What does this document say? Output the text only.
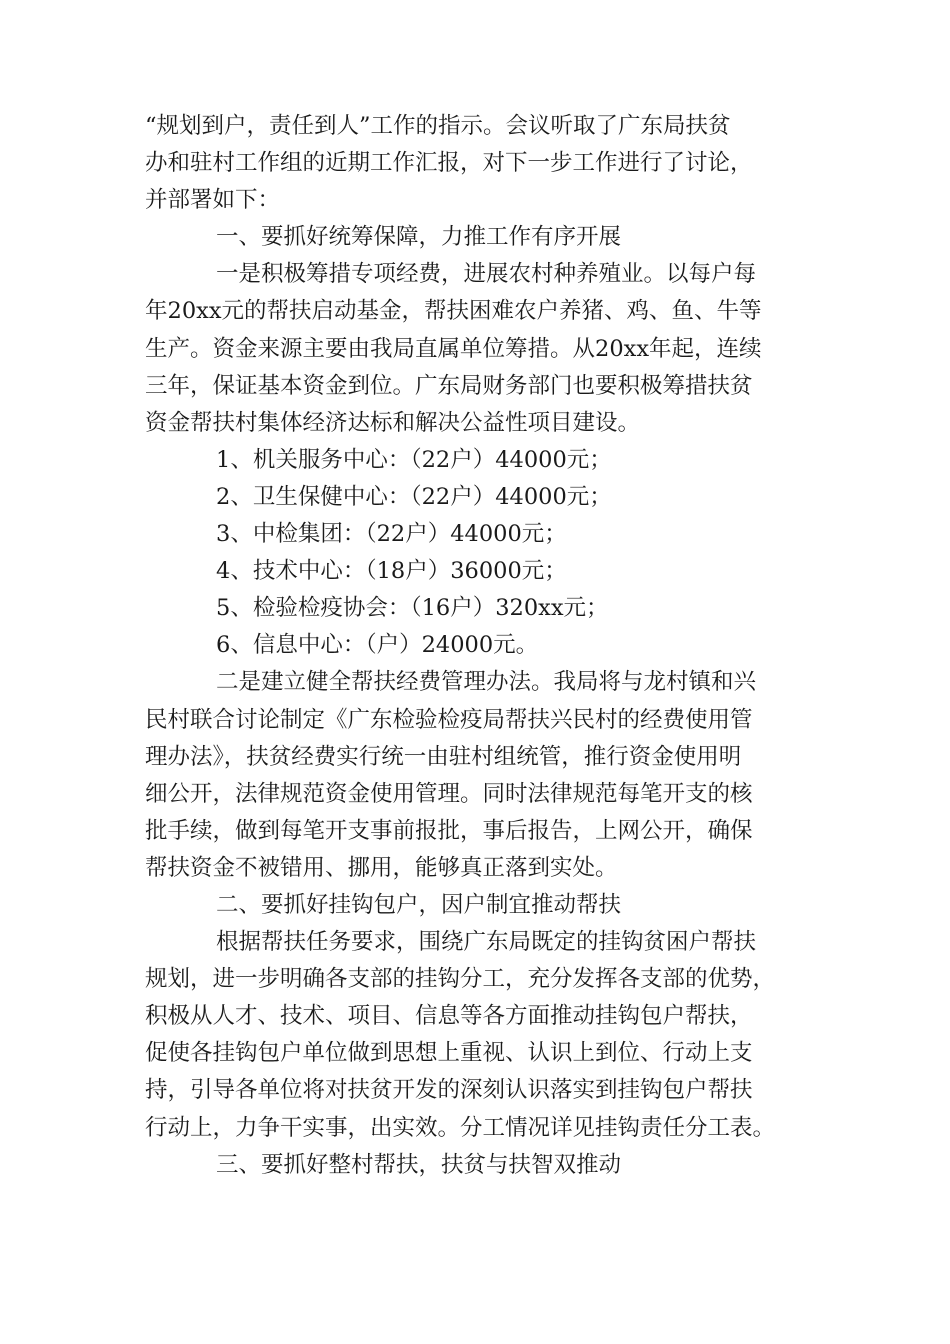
“规划到户，责任到人”工作的指示。会议听取了广东局扶贫
办和驻村工作组的近期工作汇报，对下一步工作进行了讨论，
并部署如下：
一、要抓好统筹保障，力推工作有序开展
一是积极筹措专项经费，进展农村种养殖业。以每户每
年20xx元的帮扶启动基金，帮扶困难农户养猪、鸡、鱼、牛等
生产。资金来源主要由我局直属单位筹措。从20xx年起，连续
三年，保证基本资金到位。广东局财务部门也要积极筹措扶贫
资金帮扶村集体经济达标和解决公益性项目建设。
1、机关服务中心：（22户）44000元；
2、卫生保健中心：（22户）44000元；
3、中检集团：（22户）44000元；
4、技术中心：（18户）36000元；
5、检验检疫协会：（16户）320xx元；
6、信息中心：（户）24000元。
二是建立健全帮扶经费管理办法。我局将与龙村镇和兴
民村联合讨论制定《广东检验检疫局帮扶兴民村的经费使用管
理办法》，扶贫经费实行统一由驻村组统管，推行资金使用明
细公开，法律规范资金使用管理。同时法律规范每笔开支的核
批手续，做到每笔开支事前报批，事后报告，上网公开，确保
帮扶资金不被错用、挪用，能够真正落到实处。
二、要抓好挂钩包户，因户制宜推动帮扶
根据帮扶任务要求，围绕广东局既定的挂钩贫困户帮扶
规划，进一步明确各支部的挂钩分工，充分发挥各支部的优势，
积极从人才、技术、项目、信息等各方面推动挂钩包户帮扶，
促使各挂钩包户单位做到思想上重视、认识上到位、行动上支
持，引导各单位将对扶贫开发的深刻认识落实到挂钩包户帮扶
行动上，力争干实事，出实效。分工情况详见挂钩责任分工表。
三、要抓好整村帮扶，扶贫与扶智双推动
